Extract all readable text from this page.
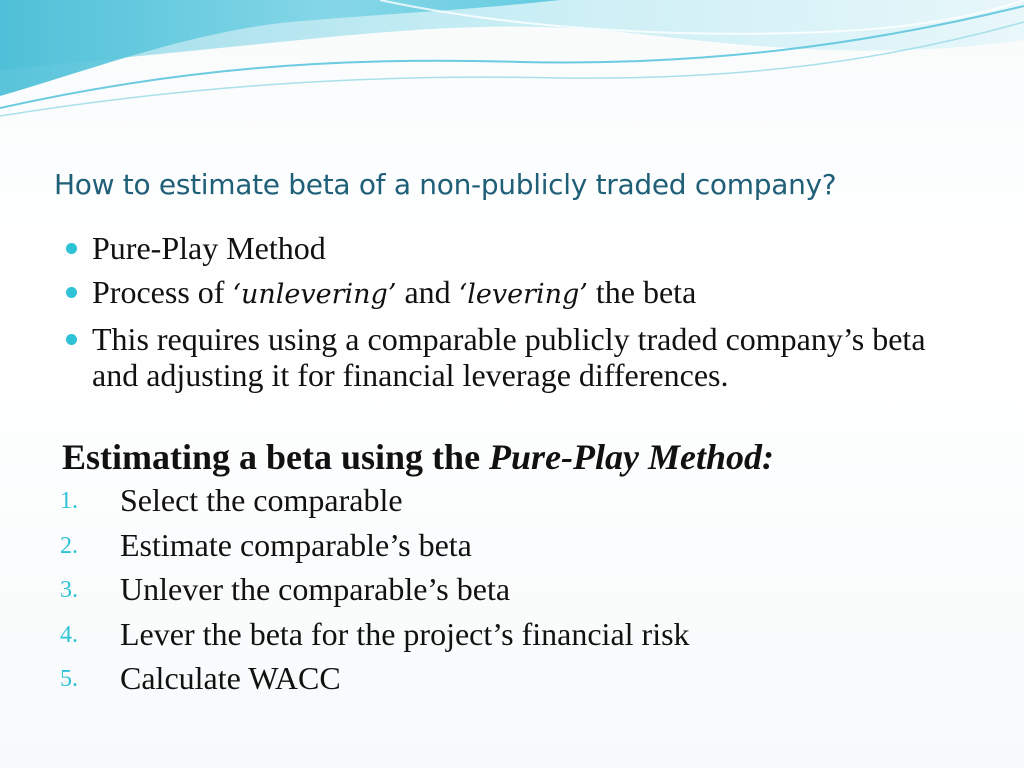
How to estimate beta of a non-publicly traded company?
Pure-Play Method
Process of ‘unlevering’ and ‘levering’ the beta
This requires using a comparable publicly traded company’s beta and adjusting it for financial leverage differences.
Estimating a beta using the Pure-Play Method:
1. Select the comparable
2. Estimate comparable’s beta
3. Unlever the comparable’s beta
4. Lever the beta for the project’s financial risk
5. Calculate WACC
